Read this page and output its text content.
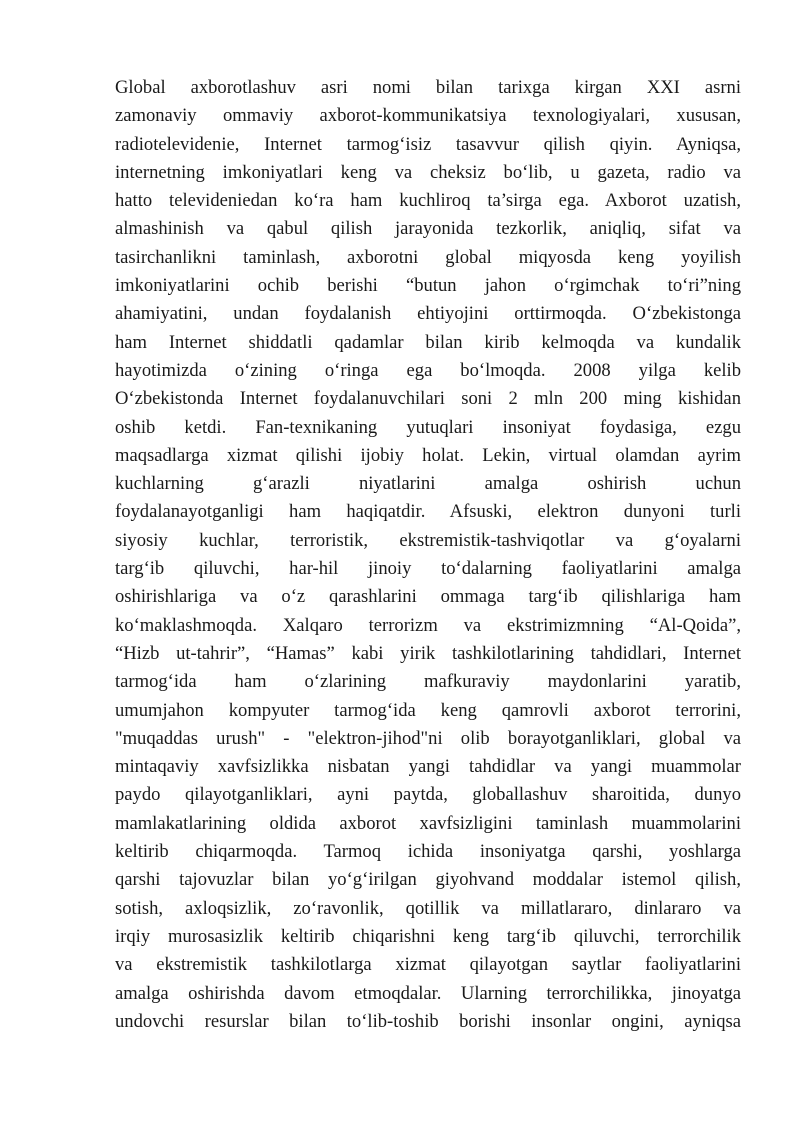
Global axborotlashuv asri nomi bilan tarixga kirgan XXI asrni
zamonaviy ommaviy axborot-kommunikatsiya texnologiyalari, xususan,
radiotelevidenie, Internet tarmog‘isiz tasavvur qilish qiyin. Ayniqsa,
internetning imkoniyatlari keng va cheksiz bo‘lib, u gazeta, radio va
hatto televideniedan ko‘ra ham kuchliroq ta’sirga ega. Axborot uzatish,
almashinish va qabul qilish jarayonida tezkorlik, aniqliq, sifat va
tasirchanlikni taminlash, axborotni global miqyosda keng yoyilish
imkoniyatlarini ochib berishi “butun jahon o‘rgimchak to‘ri”ning
ahamiyatini, undan foydalanish ehtiyojini orttirmoqda. O‘zbekistonga
ham Internet shiddatli qadamlar bilan kirib kelmoqda va kundalik
hayotimizda o‘zining o‘ringa ega bo‘lmoqda. 2008 yilga kelib
O‘zbekistonda Internet foydalanuvchilari soni 2 mln 200 ming kishidan
oshib ketdi. Fan-texnikaning yutuqlari insoniyat foydasiga, ezgu
maqsadlarga xizmat qilishi ijobiy holat. Lekin, virtual olamdan ayrim
kuchlarning g‘arazli niyatlarini amalga oshirish uchun
foydalanayotganligi ham haqiqatdir. Afsuski, elektron dunyoni turli
siyosiy kuchlar, terroristik, ekstremistik-tashviqotlar va g‘oyalarni
targ‘ib qiluvchi, har-hil jinoiy to‘dalarning faoliyatlarini amalga
oshirishlariga va o‘z qarashlarini ommaga targ‘ib qilishlariga ham
ko‘maklashmoqda. Xalqaro terrorizm va ekstrimizmning “Al-Qoida”,
“Hizb ut-tahrir”, “Hamas” kabi yirik tashkilotlarining tahdidlari, Internet
tarmog‘ida ham o‘zlarining mafkuraviy maydonlarini yaratib,
umumjahon kompyuter tarmog‘ida keng qamrovli axborot terrorini,
"muqaddas urush" - "elektron-jihod"ni olib borayotganliklari, global va
mintaqaviy xavfsizlikka nisbatan yangi tahdidlar va yangi muammolar
paydo qilayotganliklari, ayni paytda, globallashuv sharoitida, dunyo
mamlakatlarining oldida axborot xavfsizligini taminlash muammolarini
keltirib chiqarmoqda. Tarmoq ichida insoniyatga qarshi, yoshlarga
qarshi tajovuzlar bilan yo‘g‘irilgan giyohvand moddalar istemol qilish,
sotish, axloqsizlik, zo‘ravonlik, qotillik va millatlararo, dinlararo va
irqiy murosasizlik keltirib chiqarishni keng targ‘ib qiluvchi, terrorchilik
va ekstremistik tashkilotlarga xizmat qilayotgan saytlar faoliyatlarini
amalga oshirishda davom etmoqdalar. Ularning terrorchilikka, jinoyatga
undovchi resurslar bilan to‘lib-toshib borishi insonlar ongini, ayniqsa
